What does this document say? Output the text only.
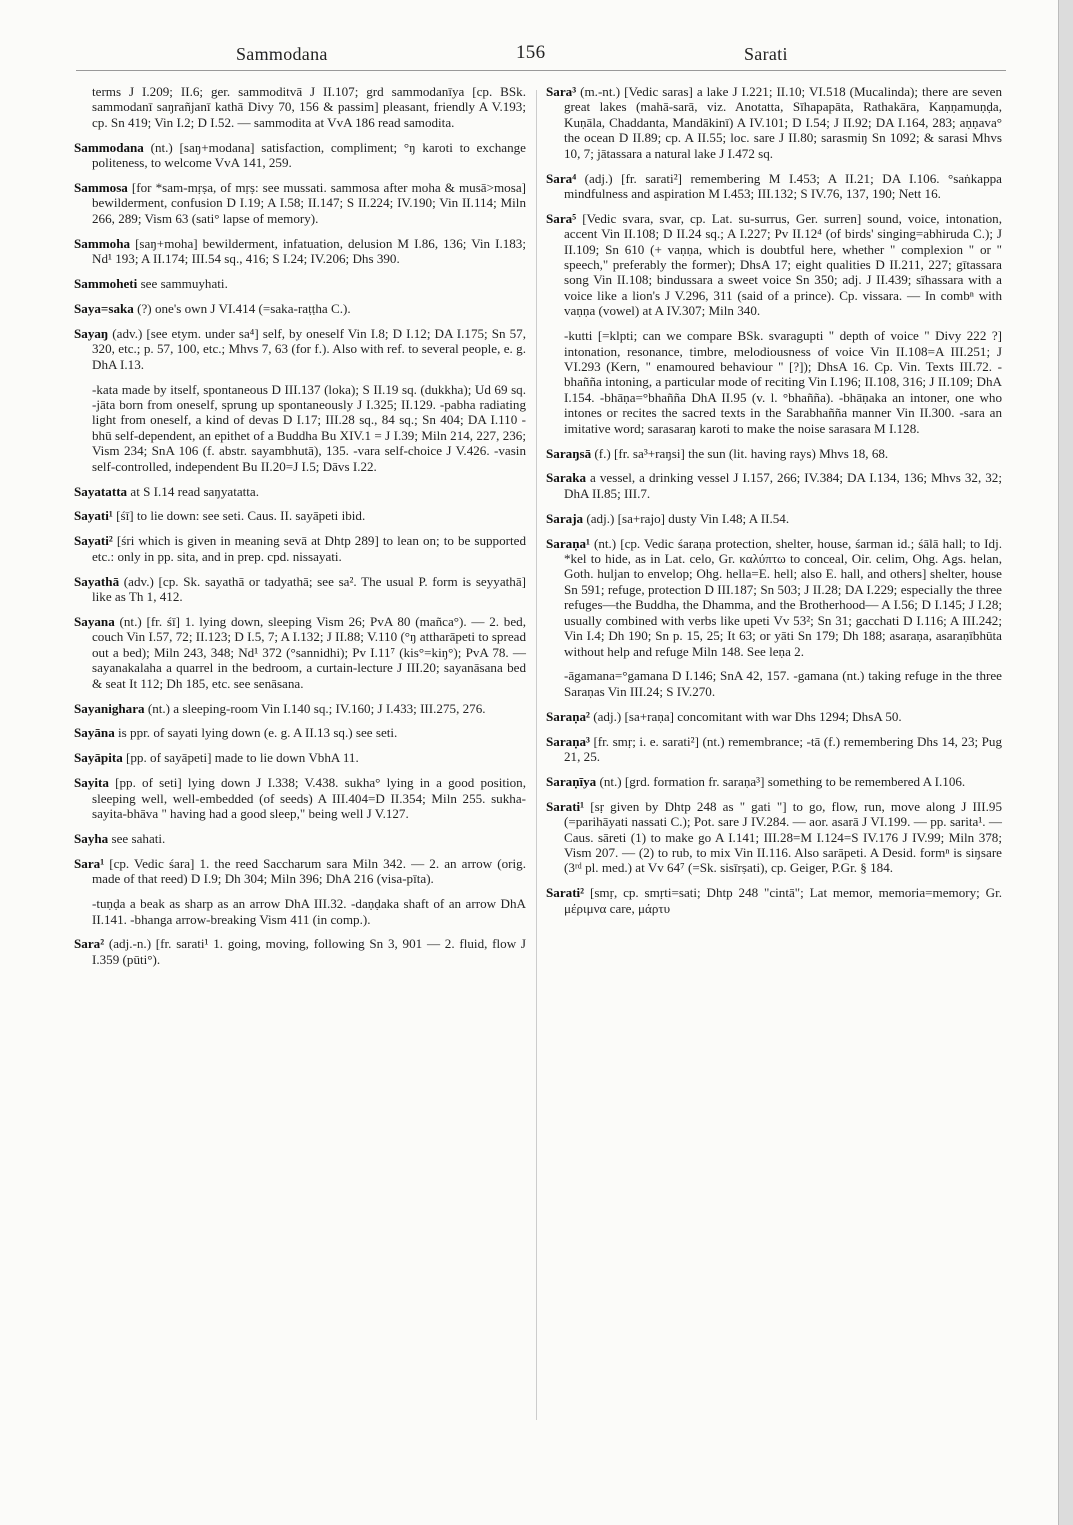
Sammodana	156	Sarati
terms J I.209; II.6; ger. sammoditvā J II.107; grd sammodanīya [cp. BSk. sammodanī saŋrañjanī kathā Divy 70, 156 & passim] pleasant, friendly A V.193; cp. Sn 419; Vin I.2; D I.52. — sammodita at VvA 186 read samodita.
Sammodana (nt.) [saŋ+modana] satisfaction, compliment; °ŋ karoti to exchange politeness, to welcome VvA 141, 259.
Sammosa [for *sam-mṛṣa, of mṛṣ: see mussati. sammosa after moha & musā>mosa] bewilderment, confusion D I.19; A I.58; II.147; S II.224; IV.190; Vin II.114; Miln 266, 289; Vism 63 (sati° lapse of memory).
Sammoha [saŋ+moha] bewilderment, infatuation, delusion M I.86, 136; Vin I.183; Nd¹ 193; A II.174; III.54 sq., 416; S I.24; IV.206; Dhs 390.
Sammoheti see sammuyhati.
Saya=saka (?) one's own J VI.414 (=saka-raṭṭha C.).
Sayaŋ (adv.) [see etym. under sa⁴] self, by oneself Vin I.8; D I.12; DA I.175; Sn 57, 320, etc.; p. 57, 100, etc.; Mhvs 7, 63 (for f.). Also with ref. to several people, e. g. DhA I.13.
-kata made by itself, spontaneous D III.137 (loka); S II.19 sq. (dukkha); Ud 69 sq. -jāta born from oneself, sprung up spontaneously J I.325; II.129. -pabha radiating light from oneself, a kind of devas D I.17; III.28 sq., 84 sq.; Sn 404; DA I.110 -bhū self-dependent, an epithet of a Buddha Bu XIV.1 = J I.39; Miln 214, 227, 236; Vism 234; SnA 106 (f. abstr. sayambhutā), 135. -vara self-choice J V.426. -vasin self-controlled, independent Bu II.20=J I.5; Dāvs I.22.
Sayatatta at S I.14 read saŋyatatta.
Sayati¹ [śī] to lie down: see seti. Caus. II. sayāpeti ibid.
Sayati² [śri which is given in meaning sevā at Dhtp 289] to lean on; to be supported etc.: only in pp. sita, and in prep. cpd. nissayati.
Sayathā (adv.) [cp. Sk. sayathā or tadyathā; see sa². The usual P. form is seyyathā] like as Th 1, 412.
Sayana (nt.) [fr. śī] 1. lying down, sleeping Vism 26; PvA 80 (mañca°). — 2. bed, couch Vin I.57, 72; II.123; D I.5, 7; A I.132; J II.88; V.110 (°ŋ attharāpeti to spread out a bed); Miln 243, 348; Nd¹ 372 (°sannidhi); Pv I.11⁷ (kis°=kiŋ°); PvA 78. — sayanakalaha a quarrel in the bedroom, a curtain-lecture J III.20; sayanāsana bed & seat It 112; Dh 185, etc. see senāsana.
Sayanighara (nt.) a sleeping-room Vin I.140 sq.; IV.160; J I.433; III.275, 276.
Sayāna is ppr. of sayati lying down (e. g. A II.13 sq.) see seti.
Sayāpita [pp. of sayāpeti] made to lie down VbhA 11.
Sayita [pp. of seti] lying down J I.338; V.438. sukha° lying in a good position, sleeping well, well-embedded (of seeds) A III.404=D II.354; Miln 255. sukha-sayita-bhāva " having had a good sleep," being well J V.127.
Sayha see sahati.
Sara¹ [cp. Vedic śara] 1. the reed Saccharum sara Miln 342. — 2. an arrow (orig. made of that reed) D I.9; Dh 304; Miln 396; DhA 216 (visa-pīta).
-tuṇḍa a beak as sharp as an arrow DhA III.32. -daṇḍaka shaft of an arrow DhA II.141. -bhanga arrow-breaking Vism 411 (in comp.).
Sara² (adj.-n.) [fr. sarati¹ 1. going, moving, following Sn 3, 901 — 2. fluid, flow J I.359 (pūti°).
Sara³ (m.-nt.) [Vedic saras] a lake J I.221; II.10; VI.518 (Mucalinda); there are seven great lakes (mahā-sarā, viz. Anotatta, Sīhapapāta, Rathakāra, Kaṇṇamuṇḍa, Kuṇāla, Chaddanta, Mandākinī) A IV.101; D I.54; J II.92; DA I.164, 283; aṇṇava° the ocean D II.89; cp. A II.55; loc. sare J II.80; sarasmiŋ Sn 1092; & sarasi Mhvs 10, 7; jātassara a natural lake J I.472 sq.
Sara⁴ (adj.) [fr. sarati²] remembering M I.453; A II.21; DA I.106. °saṅkappa mindfulness and aspiration M I.453; III.132; S IV.76, 137, 190; Nett 16.
Sara⁵ [Vedic svara, svar, cp. Lat. su-surrus, Ger. surren] sound, voice, intonation, accent Vin II.108; D II.24 sq.; A I.227; Pv II.12⁴ (of birds' singing=abhiruda C.); J II.109; Sn 610 (+ vaṇṇa, which is doubtful here, whether " complexion " or " speech," preferably the former); DhsA 17; eight qualities D II.211, 227; gītassara song Vin II.108; bindussara a sweet voice Sn 350; adj. J II.439; sīhassara with a voice like a lion's J V.296, 311 (said of a prince). Cp. vissara. — In combⁿ with vaṇṇa (vowel) at A IV.307; Miln 340.
-kutti [=klpti; can we compare BSk. svaragupti " depth of voice " Divy 222 ?] intonation, resonance, timbre, melodiousness of voice Vin II.108=A III.251; J VI.293 (Kern, " enamoured behaviour " [?]); DhsA 16. Cp. Vin. Texts III.72. -bhañña intoning, a particular mode of reciting Vin I.196; II.108, 316; J II.109; DhA I.154. -bhāṇa=°bhañña DhA II.95 (v. l. °bhañña). -bhāṇaka an intoner, one who intones or recites the sacred texts in the Sarabhañña manner Vin II.300. -sara an imitative word; sarasaraŋ karoti to make the noise sarasara M I.128.
Saraŋsā (f.) [fr. sa³+raŋsi] the sun (lit. having rays) Mhvs 18, 68.
Saraka a vessel, a drinking vessel J I.157, 266; IV.384; DA I.134, 136; Mhvs 32, 32; DhA II.85; III.7.
Saraja (adj.) [sa+rajo] dusty Vin I.48; A II.54.
Saraṇa¹ (nt.) [cp. Vedic śaraṇa protection, shelter, house, śarman id.; śālā hall; to Idj. *kel to hide, as in Lat. celo, Gr. καλύπτω to conceal, Oir. celim, Ohg. Ags. helan, Goth. huljan to envelop; Ohg. hella=E. hell; also E. hall, and others] shelter, house Sn 591; refuge, protection D III.187; Sn 503; J II.28; DA I.229; especially the three refuges—the Buddha, the Dhamma, and the Brotherhood— A I.56; D I.145; J I.28; usually combined with verbs like upeti Vv 53²; Sn 31; gacchati D I.116; A III.242; Vin I.4; Dh 190; Sn p. 15, 25; It 63; or yāti Sn 179; Dh 188; asaraṇa, asaraṇībhūta without help and refuge Miln 148. See leṇa 2.
-āgamana=°gamana D I.146; SnA 42, 157. -gamana (nt.) taking refuge in the three Saraṇas Vin III.24; S IV.270.
Saraṇa² (adj.) [sa+raṇa] concomitant with war Dhs 1294; DhsA 50.
Saraṇa³ [fr. smṛ; i. e. sarati²] (nt.) remembrance; -tā (f.) remembering Dhs 14, 23; Pug 21, 25.
Saraṇīya (nt.) [grd. formation fr. saraṇa³] something to be remembered A I.106.
Sarati¹ [sṛ given by Dhtp 248 as " gati "] to go, flow, run, move along J III.95 (=parihāyati nassati C.); Pot. sare J IV.284. — aor. asarā J VI.199. — pp. sarita¹. — Caus. sāreti (1) to make go A I.141; III.28=M I.124=S IV.176 J IV.99; Miln 378; Vism 207. — (2) to rub, to mix Vin II.116. Also sarāpeti. A Desid. formⁿ is siŋsare (3ʳᵈ pl. med.) at Vv 64⁷ (=Sk. sisīrṣati), cp. Geiger, P.Gr. § 184.
Sarati² [smṛ, cp. smṛti=sati; Dhtp 248 "cintā"; Lat memor, memoria=memory; Gr. μέριμνα care, μάρτυ
